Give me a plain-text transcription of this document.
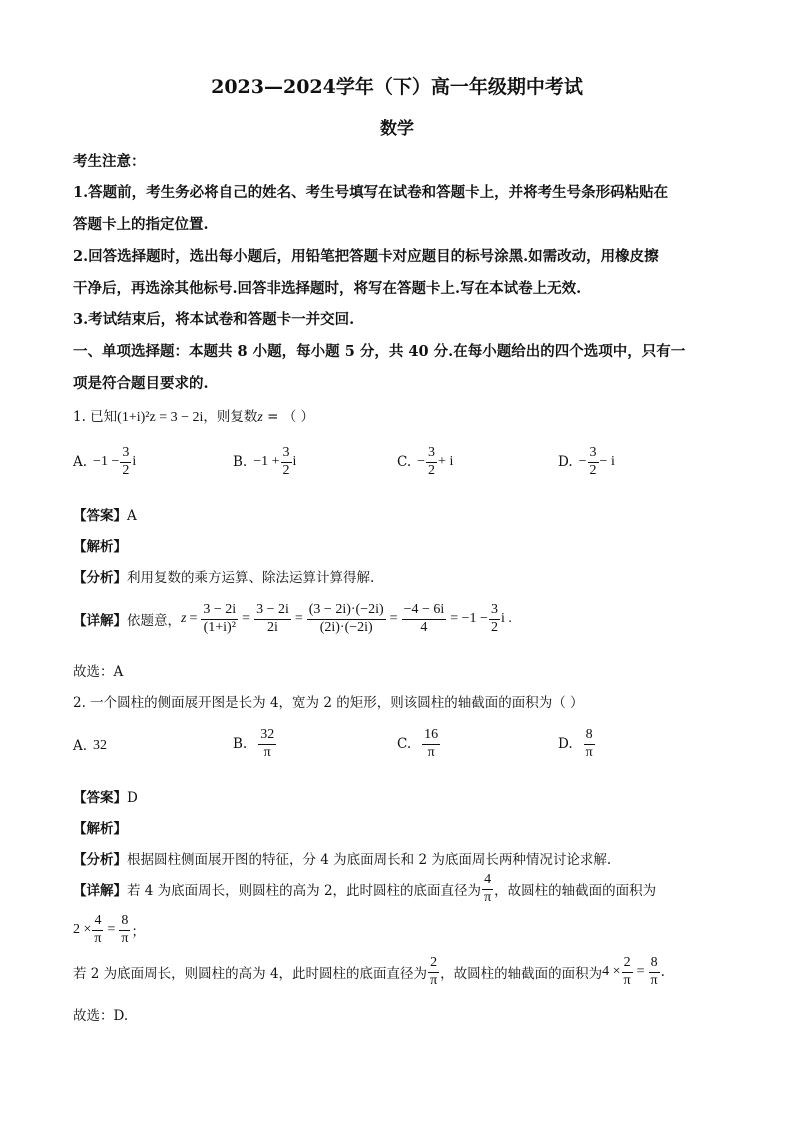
2023—2024学年（下）高一年级期中考试
数学
考生注意：
1.答题前，考生务必将自己的姓名、考生号填写在试卷和答题卡上，并将考生号条形码粘贴在
答题卡上的指定位置.
2.回答选择题时，选出每小题后，用铅笔把答题卡对应题目的标号涂黑.如需改动，用橡皮擦
干净后，再选涂其他标号.回答非选择题时，将写在答题卡上.写在本试卷上无效.
3.考试结束后，将本试卷和答题卡一并交回.
一、单项选择题：本题共 8 小题，每小题 5 分，共 40 分.在每小题给出的四个选项中，只有一
项是符合题目要求的.
1. 已知(1+i)²z = 3 − 2i，则复数z = （ ）
A. $-1 - \frac{3}{2}$ i	B. $-1 + \frac{3}{2}$ i	C. − $\frac{3}{2} + i$	D. − $\frac{3}{2} - i$
【答案】A
【解析】
【分析】利用复数的乘方运算、除法运算计算得解.
【详解】 依题意， $z = \frac{3 - 2i}{\text{(1+i)²}} = \frac{3 - 2i}{2i} = \frac{(3 - 2i)\cdot(-2i)}{(2i)\cdot(-2i)} = \frac{-4 - 6i}{4} = -1 - \frac{3}{2}$ i .
故选：A
2. 一个圆柱的侧面展开图是长为 4，宽为 2 的矩形，则该圆柱的轴截面的面积为（ ）
A. 32	B. $\frac{32}{\pi}$	C. $\frac{16}{\pi}$	D. $\frac{8}{\pi}$
【答案】D
【解析】
【分析】根据圆柱侧面展开图的特征，分 4 为底面周长和 2 为底面周长两种情况讨论求解.
【详解】 若 4 为底面周长，则圆柱的高为 2，此时圆柱的底面直径为 $\frac{4}{\pi}$ ，故圆柱的轴截面的面积为
$2 \times \frac{4}{\pi} = \frac{8}{\pi}$ ；
若 2 为底面周长，则圆柱的高为 4，此时圆柱的底面直径为 $\frac{2}{\pi}$ ，故圆柱的轴截面的面积为 $4 \times \frac{2}{\pi} = \frac{8}{\pi}$ .
故选：D.
